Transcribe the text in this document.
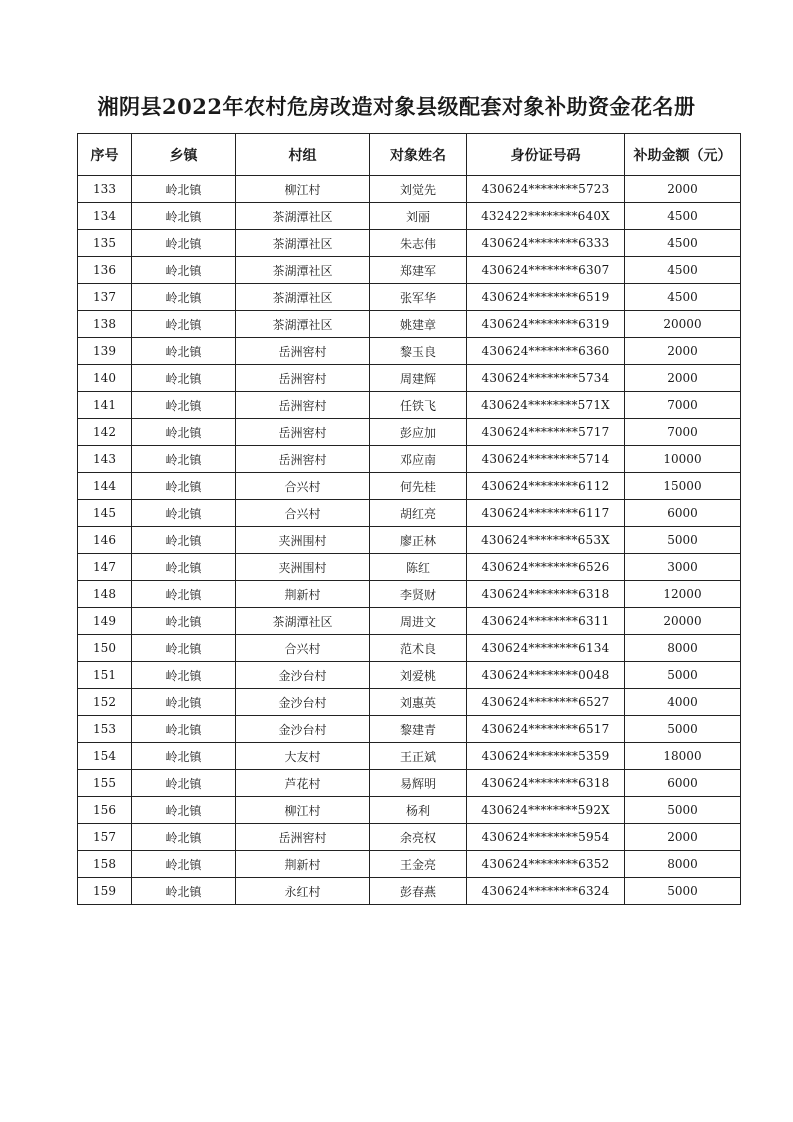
湘阴县2022年农村危房改造对象县级配套对象补助资金花名册
序号	乡镇	村组	对象姓名	身份证号码	补助金额（元）
133	岭北镇	柳江村	刘觉先	430624********5723	2000
134	岭北镇	茶湖潭社区	刘丽	432422********640X	4500
135	岭北镇	茶湖潭社区	朱志伟	430624********6333	4500
136	岭北镇	茶湖潭社区	郑建军	430624********6307	4500
137	岭北镇	茶湖潭社区	张军华	430624********6519	4500
138	岭北镇	茶湖潭社区	姚建章	430624********6319	20000
139	岭北镇	岳洲窖村	黎玉良	430624********6360	2000
140	岭北镇	岳洲窖村	周建辉	430624********5734	2000
141	岭北镇	岳洲窖村	任铁飞	430624********571X	7000
142	岭北镇	岳洲窖村	彭应加	430624********5717	7000
143	岭北镇	岳洲窖村	邓应南	430624********5714	10000
144	岭北镇	合兴村	何先桂	430624********6112	15000
145	岭北镇	合兴村	胡红亮	430624********6117	6000
146	岭北镇	夹洲围村	廖正林	430624********653X	5000
147	岭北镇	夹洲围村	陈红	430624********6526	3000
148	岭北镇	荆新村	李贤财	430624********6318	12000
149	岭北镇	茶湖潭社区	周进文	430624********6311	20000
150	岭北镇	合兴村	范术良	430624********6134	8000
151	岭北镇	金沙台村	刘爱桃	430624********0048	5000
152	岭北镇	金沙台村	刘惠英	430624********6527	4000
153	岭北镇	金沙台村	黎建青	430624********6517	5000
154	岭北镇	大友村	王正斌	430624********5359	18000
155	岭北镇	芦花村	易辉明	430624********6318	6000
156	岭北镇	柳江村	杨利	430624********592X	5000
157	岭北镇	岳洲窖村	余亮权	430624********5954	2000
158	岭北镇	荆新村	王金亮	430624********6352	8000
159	岭北镇	永红村	彭春燕	430624********6324	5000
